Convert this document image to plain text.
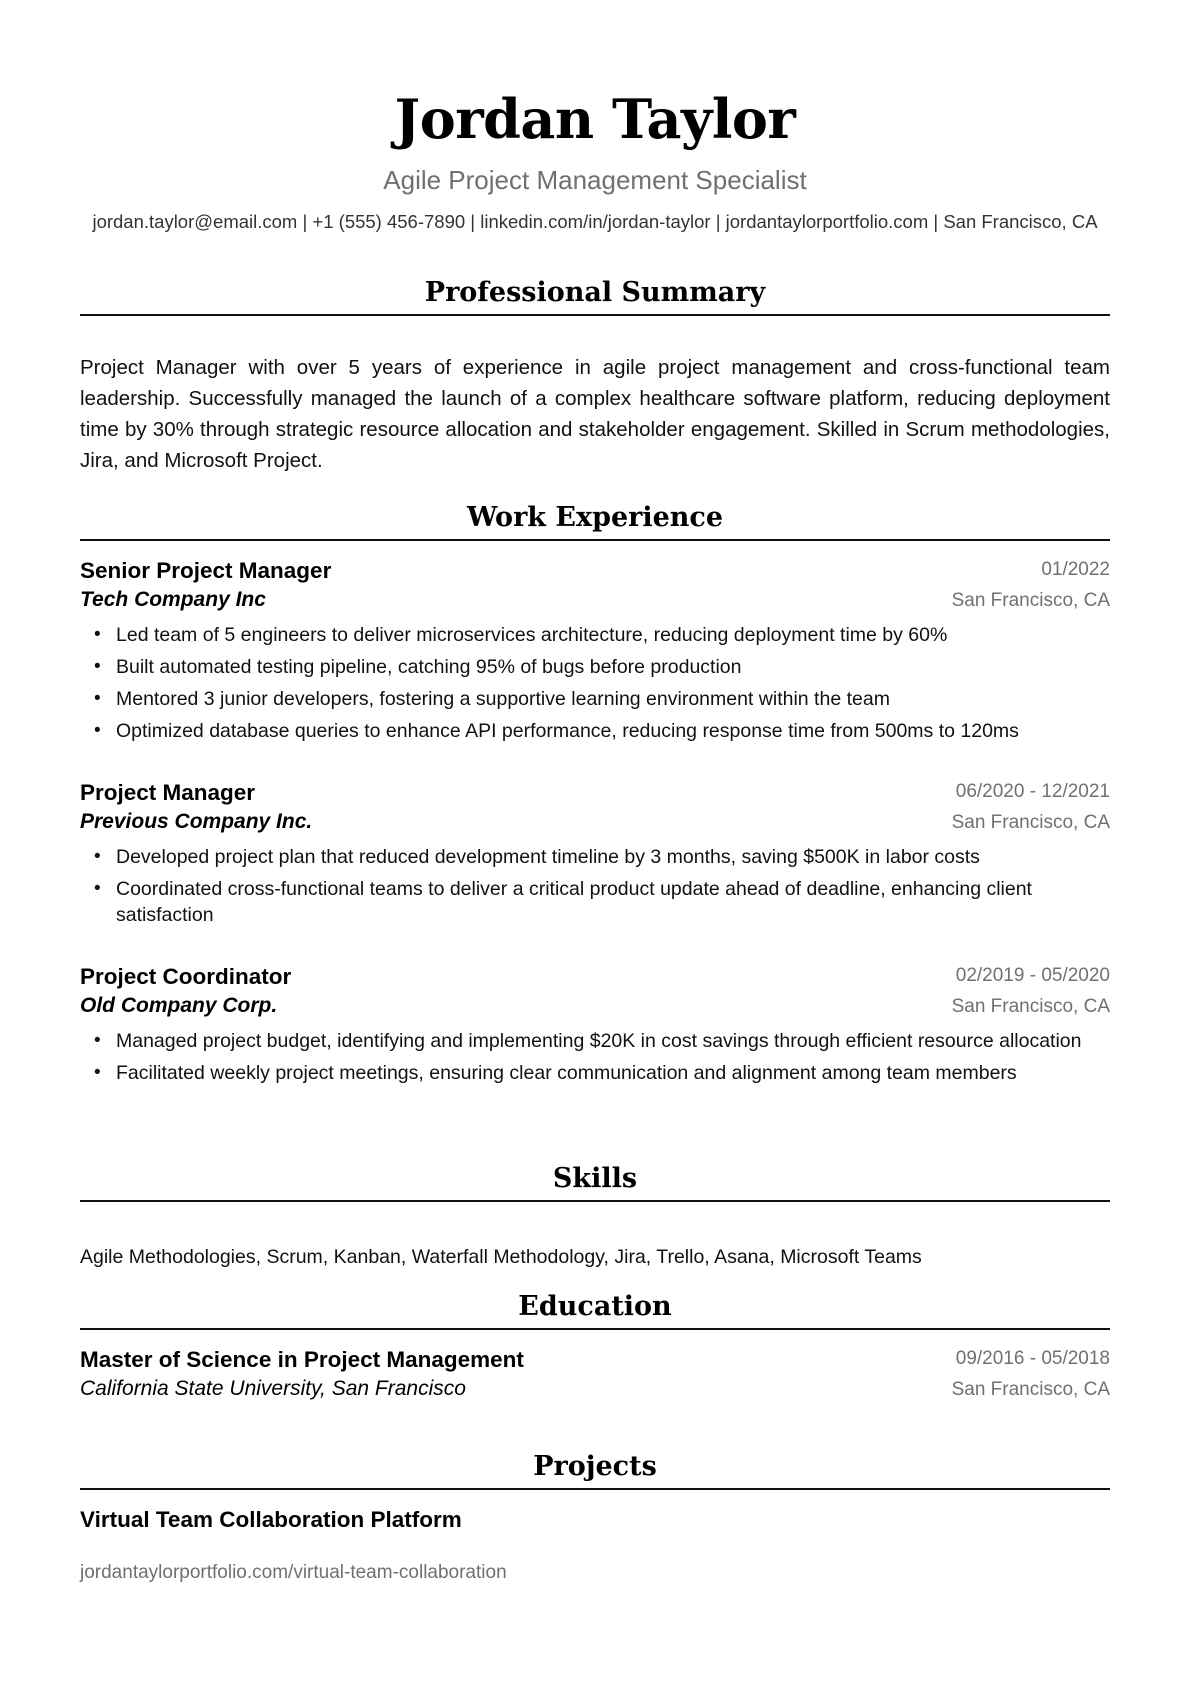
Jordan Taylor
Agile Project Management Specialist
jordan.taylor@email.com | +1 (555) 456-7890 | linkedin.com/in/jordan-taylor | jordantaylorportfolio.com | San Francisco, CA
Professional Summary
Project Manager with over 5 years of experience in agile project management and cross-functional team leadership. Successfully managed the launch of a complex healthcare software platform, reducing deployment time by 30% through strategic resource allocation and stakeholder engagement. Skilled in Scrum methodologies, Jira, and Microsoft Project.
Work Experience
Senior Project Manager	01/2022
Tech Company Inc	San Francisco, CA
• Led team of 5 engineers to deliver microservices architecture, reducing deployment time by 60%
• Built automated testing pipeline, catching 95% of bugs before production
• Mentored 3 junior developers, fostering a supportive learning environment within the team
• Optimized database queries to enhance API performance, reducing response time from 500ms to 120ms
Project Manager	06/2020 - 12/2021
Previous Company Inc.	San Francisco, CA
• Developed project plan that reduced development timeline by 3 months, saving $500K in labor costs
• Coordinated cross-functional teams to deliver a critical product update ahead of deadline, enhancing client satisfaction
Project Coordinator	02/2019 - 05/2020
Old Company Corp.	San Francisco, CA
• Managed project budget, identifying and implementing $20K in cost savings through efficient resource allocation
• Facilitated weekly project meetings, ensuring clear communication and alignment among team members
Skills
Agile Methodologies, Scrum, Kanban, Waterfall Methodology, Jira, Trello, Asana, Microsoft Teams
Education
Master of Science in Project Management	09/2016 - 05/2018
California State University, San Francisco	San Francisco, CA
Projects
Virtual Team Collaboration Platform
jordantaylorportfolio.com/virtual-team-collaboration
